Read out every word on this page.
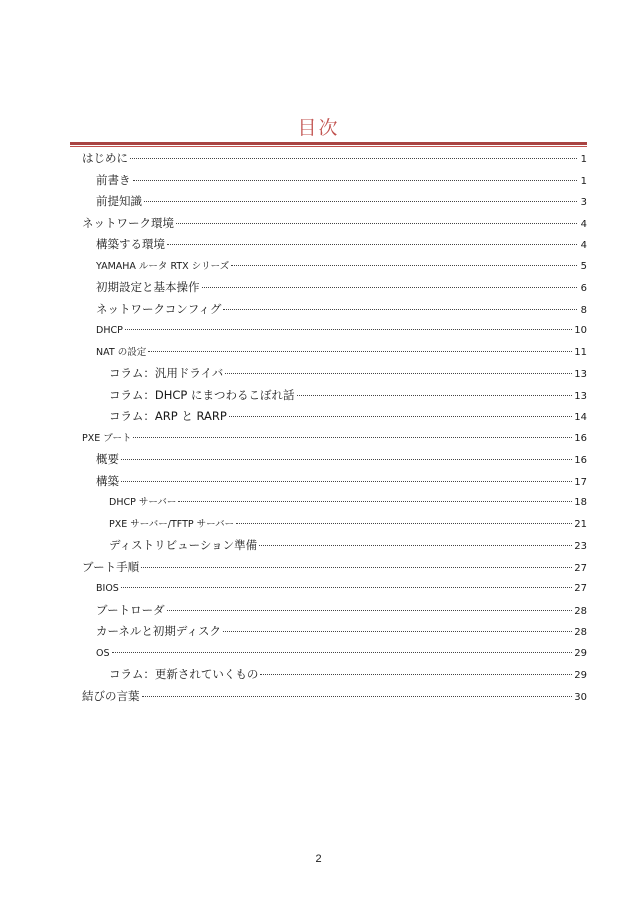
目次
はじめに	1
前書き	1
前提知識	3
ネットワーク環境	4
構築する環境	4
YAMAHA ルータ RTX シリーズ	5
初期設定と基本操作	6
ネットワークコンフィグ	8
DHCP	10
NAT の設定	11
コラム：汎用ドライバ	13
コラム：DHCP にまつわるこぼれ話	13
コラム：ARP と RARP	14
PXE ブート	16
概要	16
構築	17
DHCP サーバー	18
PXE サーバー/TFTP サーバー	21
ディストリビューション準備	23
ブート手順	27
BIOS	27
ブートローダ	28
カーネルと初期ディスク	28
OS	29
コラム：更新されていくもの	29
結びの言葉	30
2
